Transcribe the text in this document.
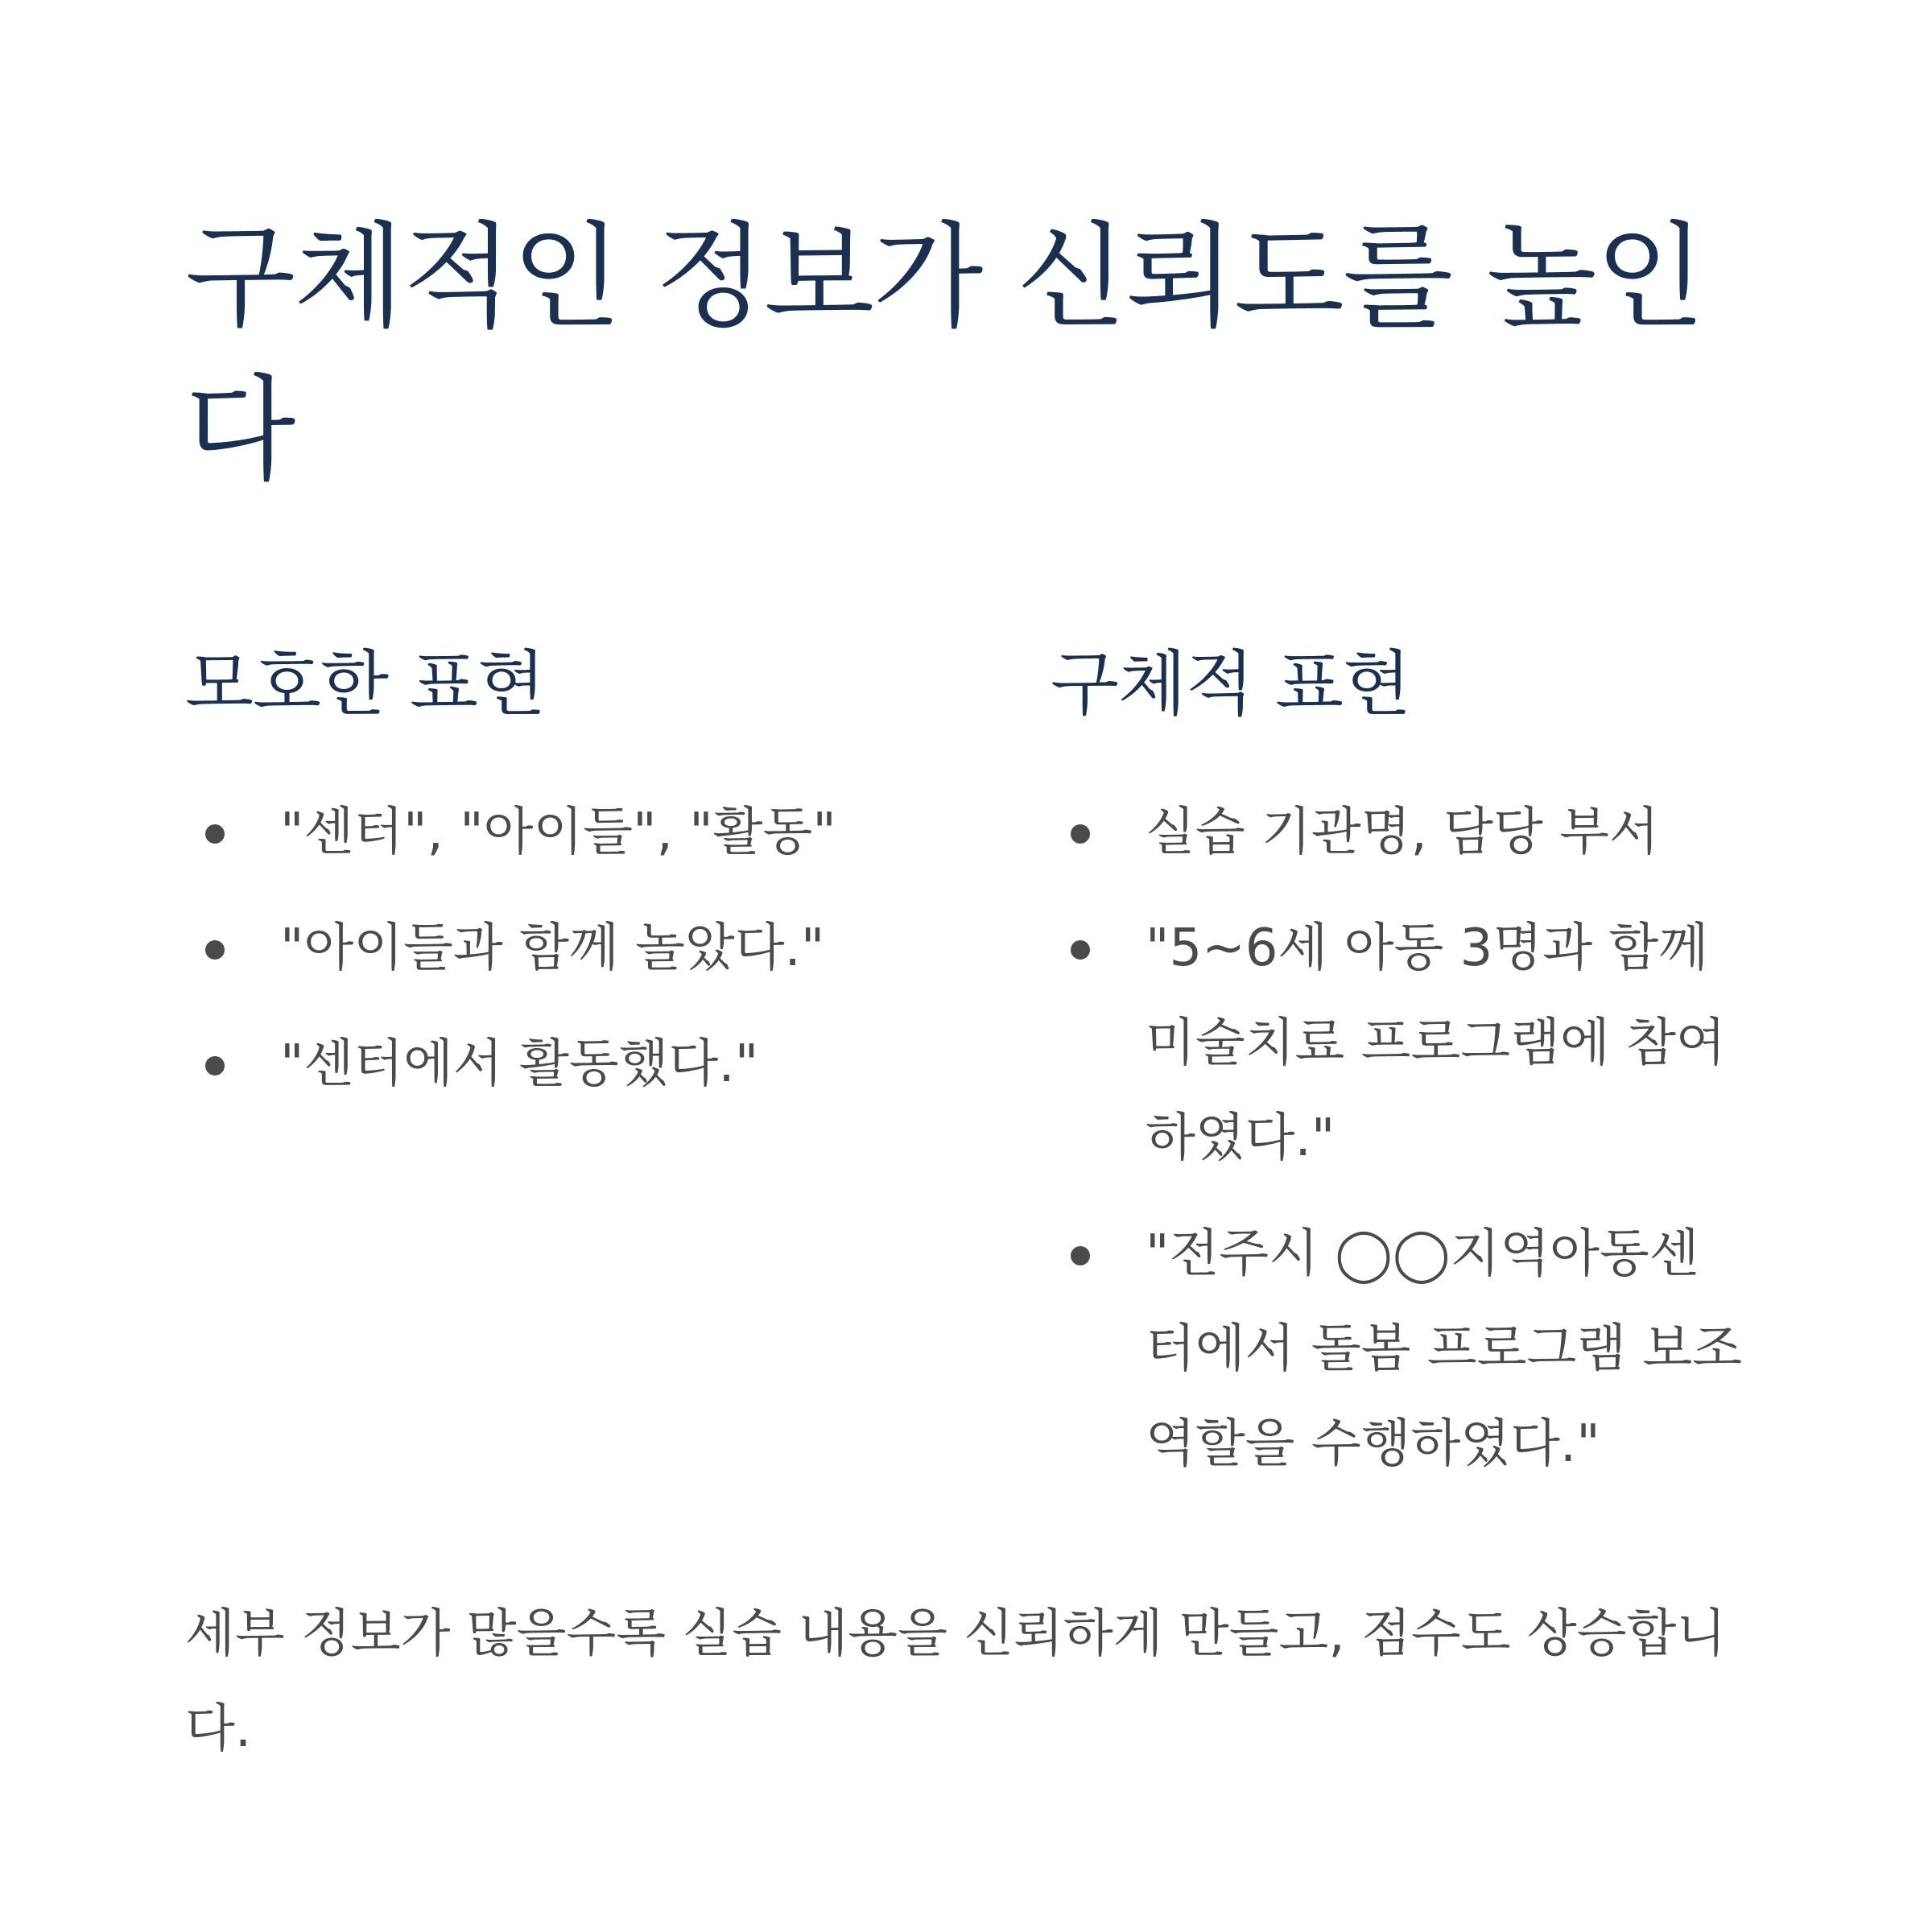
구체적인 정보가 신뢰도를 높인다
모호한 표현
"센터", "아이들", "활동"
"아이들과 함께 놀았다."
"센터에서 활동했다."
구체적 표현
실습 기관명, 담당 부서
"5~6세 아동 3명과 함께 미술치료 프로그램에 참여하였다."
"전주시 ◯◯지역아동센터에서 돌봄 프로그램 보조 역할을 수행하였다."

세부 정보가 많을수록 실습 내용을 신뢰하게 만들고, 점수도 상승합니다.
